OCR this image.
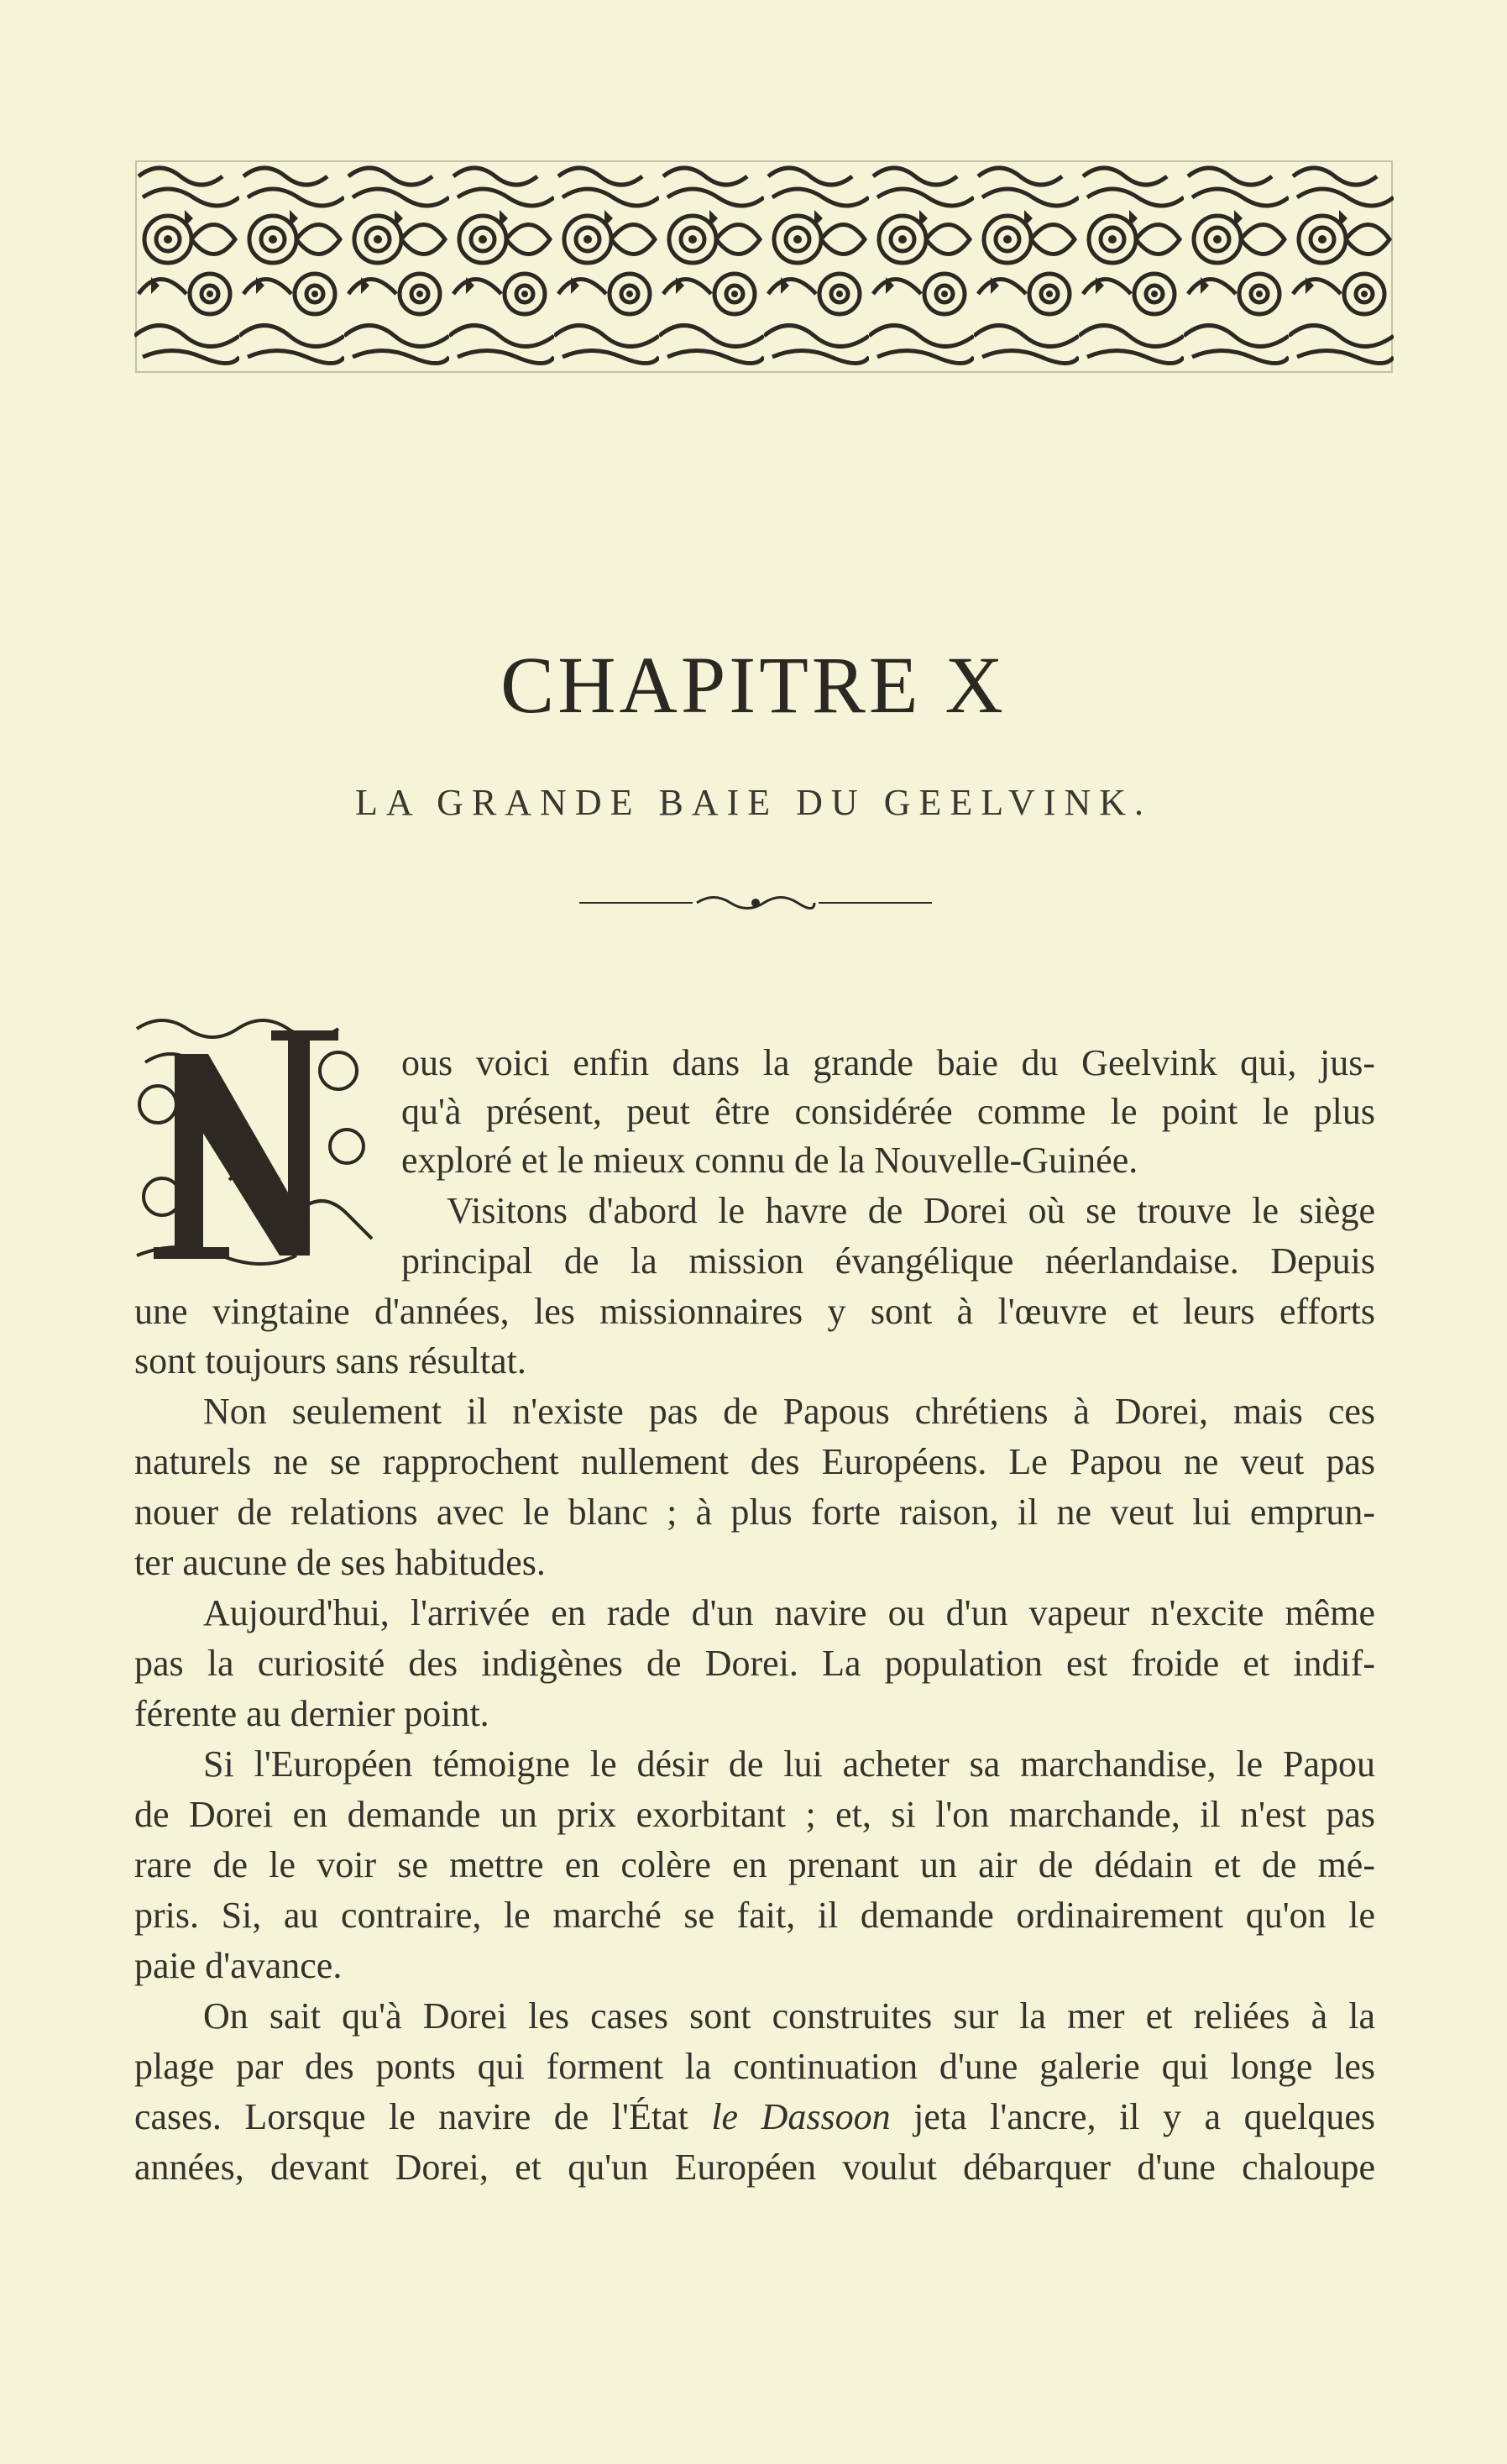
CHAPITRE X
LA GRANDE BAIE DU GEELVINK.
ous voici enfin dans la grande baie du Geelvink qui, jus-
qu'à présent, peut être considérée comme le point le plus
exploré et le mieux connu de la Nouvelle-Guinée.
Visitons d'abord le havre de Dorei où se trouve le siège
principal de la mission évangélique néerlandaise. Depuis
une vingtaine d'années, les missionnaires y sont à l'œuvre et leurs efforts
sont toujours sans résultat.
Non seulement il n'existe pas de Papous chrétiens à Dorei, mais ces
naturels ne se rapprochent nullement des Européens. Le Papou ne veut pas
nouer de relations avec le blanc ; à plus forte raison, il ne veut lui emprun-
ter aucune de ses habitudes.
Aujourd'hui, l'arrivée en rade d'un navire ou d'un vapeur n'excite même
pas la curiosité des indigènes de Dorei. La population est froide et indif-
férente au dernier point.
Si l'Européen témoigne le désir de lui acheter sa marchandise, le Papou
de Dorei en demande un prix exorbitant ; et, si l'on marchande, il n'est pas
rare de le voir se mettre en colère en prenant un air de dédain et de mé-
pris. Si, au contraire, le marché se fait, il demande ordinairement qu'on le
paie d'avance.
On sait qu'à Dorei les cases sont construites sur la mer et reliées à la
plage par des ponts qui forment la continuation d'une galerie qui longe les
cases. Lorsque le navire de l'État le Dassoon jeta l'ancre, il y a quelques
années, devant Dorei, et qu'un Européen voulut débarquer d'une chaloupe
